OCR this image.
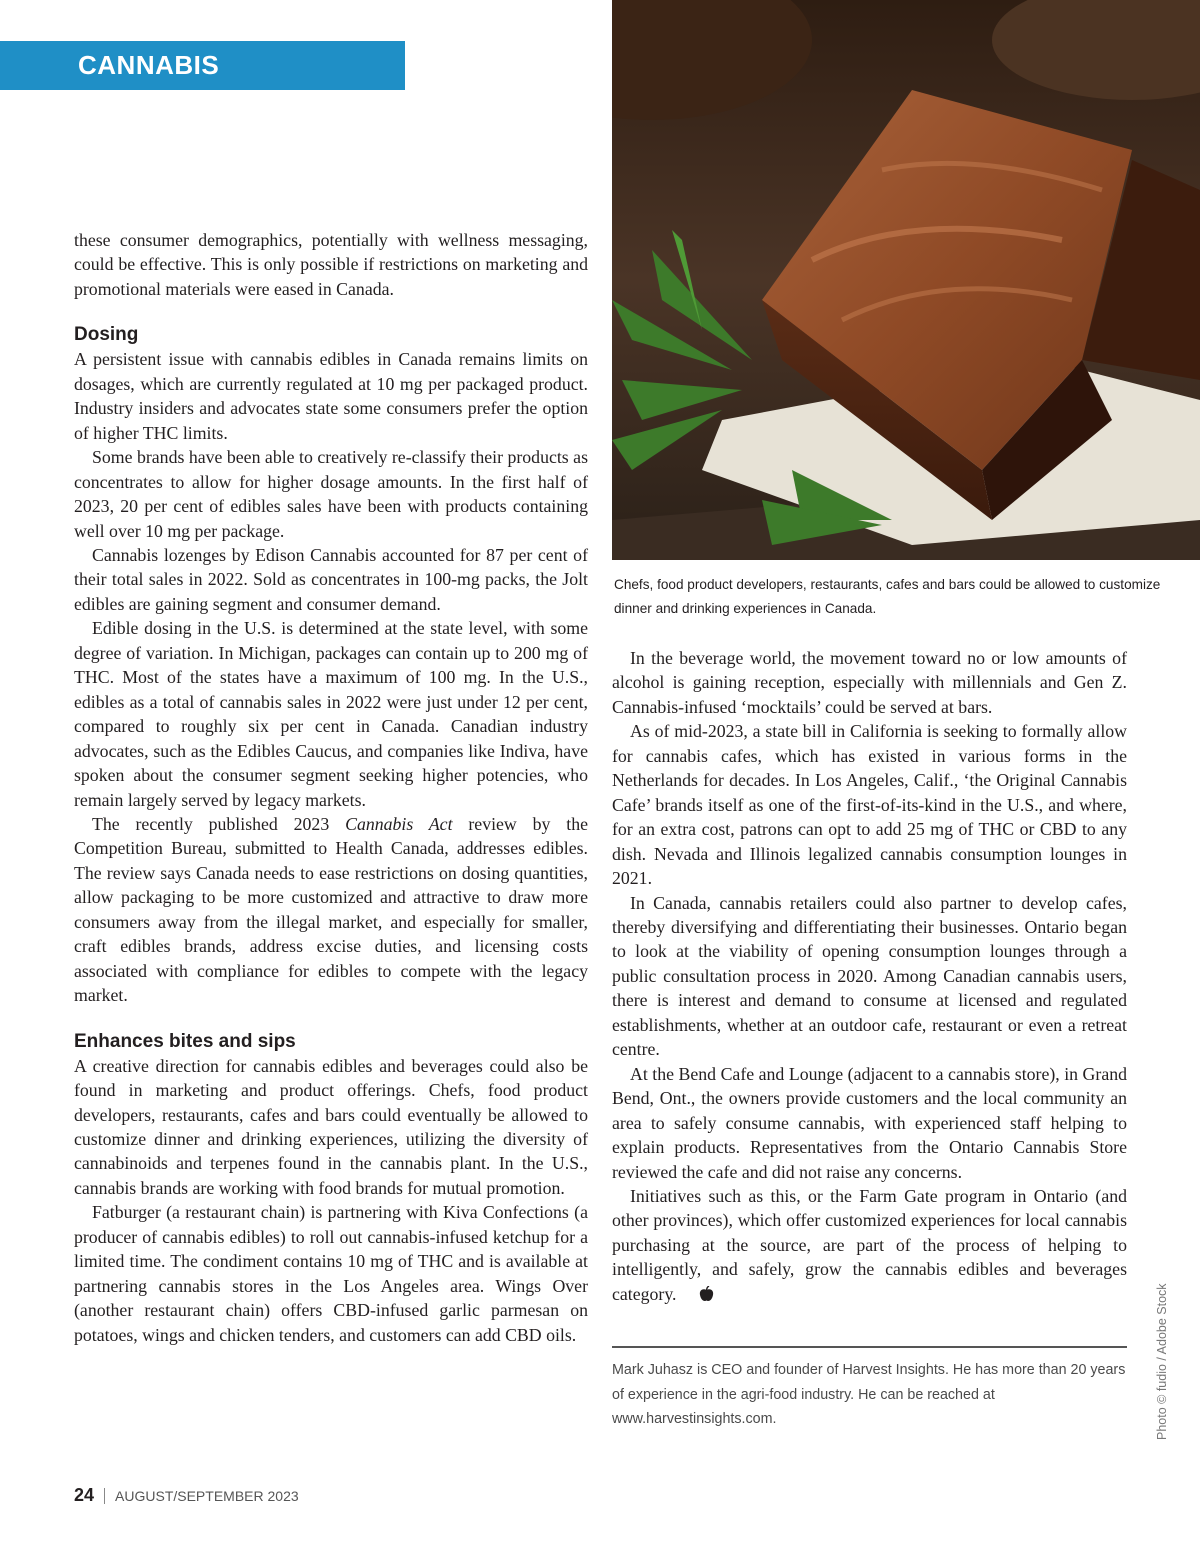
CANNABIS

these consumer demographics, potentially with wellness messaging, could be effective. This is only possible if restrictions on marketing and promotional materials were eased in Canada.

Dosing

A persistent issue with cannabis edibles in Canada remains limits on dosages, which are currently regulated at 10 mg per packaged product. Industry insiders and advocates state some consumers prefer the option of higher THC limits.

Some brands have been able to creatively re-classify their products as concentrates to allow for higher dosage amounts. In the first half of 2023, 20 per cent of edibles sales have been with products containing well over 10 mg per package.

Cannabis lozenges by Edison Cannabis accounted for 87 per cent of their total sales in 2022. Sold as concentrates in 100-mg packs, the Jolt edibles are gaining segment and consumer demand.

Edible dosing in the U.S. is determined at the state level, with some degree of variation. In Michigan, packages can contain up to 200 mg of THC. Most of the states have a maximum of 100 mg. In the U.S., edibles as a total of cannabis sales in 2022 were just under 12 per cent, compared to roughly six per cent in Canada. Canadian industry advocates, such as the Edibles Caucus, and companies like Indiva, have spoken about the consumer segment seeking higher potencies, who remain largely served by legacy markets.

The recently published 2023 Cannabis Act review by the Competition Bureau, submitted to Health Canada, addresses edibles. The review says Canada needs to ease restrictions on dosing quantities, allow packaging to be more customized and attractive to draw more consumers away from the illegal market, and especially for smaller, craft edibles brands, address excise duties, and licensing costs associated with compliance for edibles to compete with the legacy market.

Enhances bites and sips

A creative direction for cannabis edibles and beverages could also be found in marketing and product offerings. Chefs, food product developers, restaurants, cafes and bars could eventually be allowed to customize dinner and drinking experiences, utilizing the diversity of cannabinoids and terpenes found in the cannabis plant. In the U.S., cannabis brands are working with food brands for mutual promotion.

Fatburger (a restaurant chain) is partnering with Kiva Confections (a producer of cannabis edibles) to roll out cannabis-infused ketchup for a limited time. The condiment contains 10 mg of THC and is available at partnering cannabis stores in the Los Angeles area. Wings Over (another restaurant chain) offers CBD-infused garlic parmesan on potatoes, wings and chicken tenders, and customers can add CBD oils.

Chefs, food product developers, restaurants, cafes and bars could be allowed to customize dinner and drinking experiences in Canada.

In the beverage world, the movement toward no or low amounts of alcohol is gaining reception, especially with millennials and Gen Z. Cannabis-infused ‘mocktails’ could be served at bars.

As of mid-2023, a state bill in California is seeking to formally allow for cannabis cafes, which has existed in various forms in the Netherlands for decades. In Los Angeles, Calif., ‘the Original Cannabis Cafe’ brands itself as one of the first-of-its-kind in the U.S., and where, for an extra cost, patrons can opt to add 25 mg of THC or CBD to any dish. Nevada and Illinois legalized cannabis consumption lounges in 2021.

In Canada, cannabis retailers could also partner to develop cafes, thereby diversifying and differentiating their businesses. Ontario began to look at the viability of opening consumption lounges through a public consultation process in 2020. Among Canadian cannabis users, there is interest and demand to consume at licensed and regulated establishments, whether at an outdoor cafe, restaurant or even a retreat centre.

At the Bend Cafe and Lounge (adjacent to a cannabis store), in Grand Bend, Ont., the owners provide customers and the local community an area to safely consume cannabis, with experienced staff helping to explain products. Representatives from the Ontario Cannabis Store reviewed the cafe and did not raise any concerns.

Initiatives such as this, or the Farm Gate program in Ontario (and other provinces), which offer customized experiences for local cannabis purchasing at the source, are part of the process of helping to intelligently, and safely, grow the cannabis edibles and beverages category.

Mark Juhasz is CEO and founder of Harvest Insights. He has more than 20 years of experience in the agri-food industry. He can be reached at www.harvestinsights.com.	Photo © fudio / Adobe Stock
24 AUGUST/SEPTEMBER 2023
